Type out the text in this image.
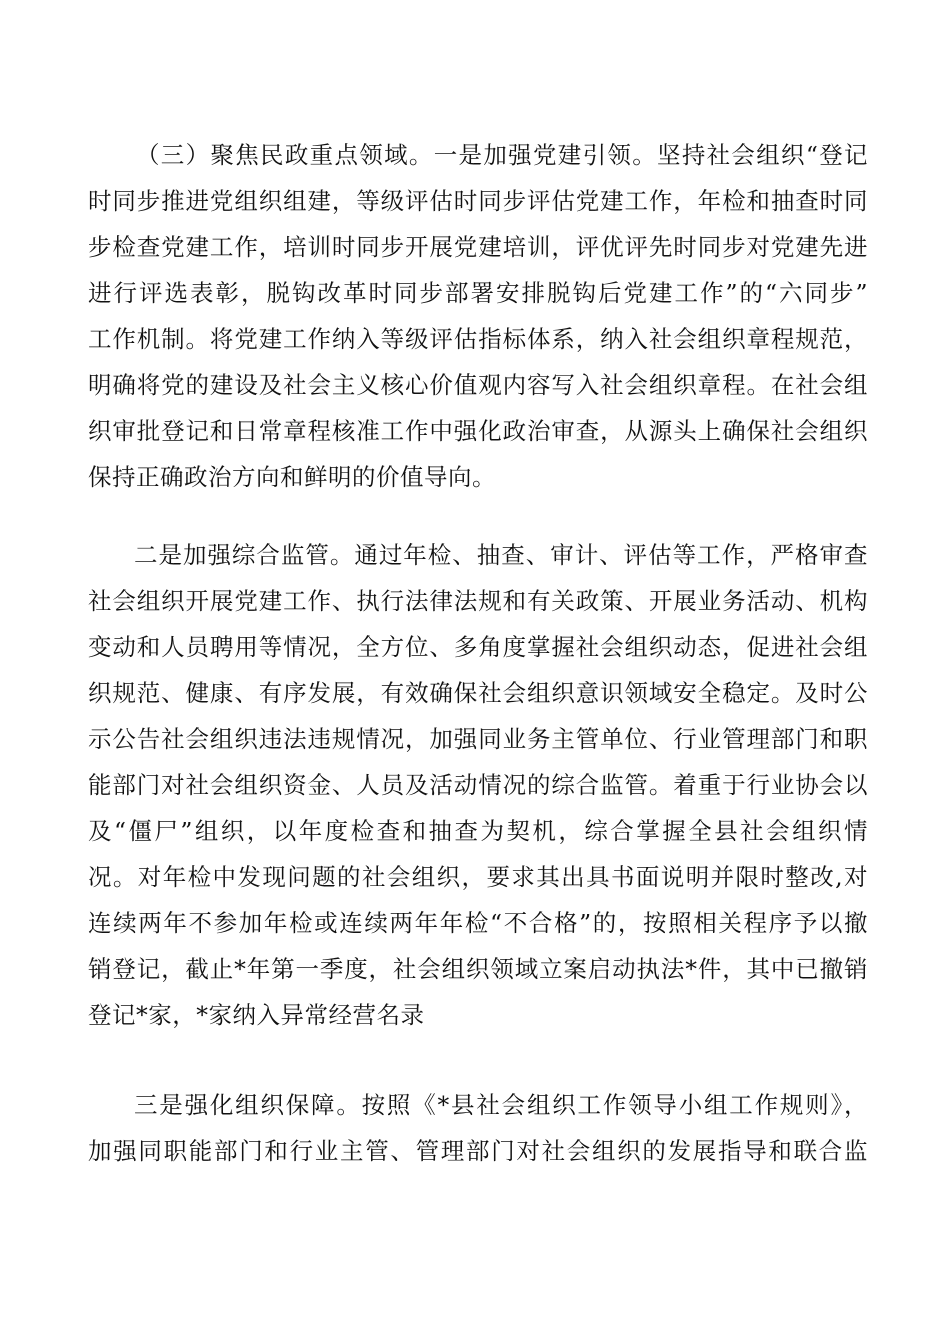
（三）聚焦民政重点领域。一是加强党建引领。坚持社会组织“登记
时同步推进党组织组建，等级评估时同步评估党建工作，年检和抽查时同
步检查党建工作，培训时同步开展党建培训，评优评先时同步对党建先进
进行评选表彰，脱钩改革时同步部署安排脱钩后党建工作”的“六同步”
工作机制。将党建工作纳入等级评估指标体系，纳入社会组织章程规范，
明确将党的建设及社会主义核心价值观内容写入社会组织章程。在社会组
织审批登记和日常章程核准工作中强化政治审查，从源头上确保社会组织
保持正确政治方向和鲜明的价值导向。
二是加强综合监管。通过年检、抽查、审计、评估等工作，严格审查
社会组织开展党建工作、执行法律法规和有关政策、开展业务活动、机构
变动和人员聘用等情况，全方位、多角度掌握社会组织动态，促进社会组
织规范、健康、有序发展，有效确保社会组织意识领域安全稳定。及时公
示公告社会组织违法违规情况，加强同业务主管单位、行业管理部门和职
能部门对社会组织资金、人员及活动情况的综合监管。着重于行业协会以
及“僵尸”组织，以年度检查和抽查为契机，综合掌握全县社会组织情
况。对年检中发现问题的社会组织，要求其出具书面说明并限时整改,对
连续两年不参加年检或连续两年年检“不合格”的，按照相关程序予以撤
销登记，截止*年第一季度，社会组织领域立案启动执法*件，其中已撤销
登记*家，*家纳入异常经营名录
三是强化组织保障。按照《*县社会组织工作领导小组工作规则》，
加强同职能部门和行业主管、管理部门对社会组织的发展指导和联合监
